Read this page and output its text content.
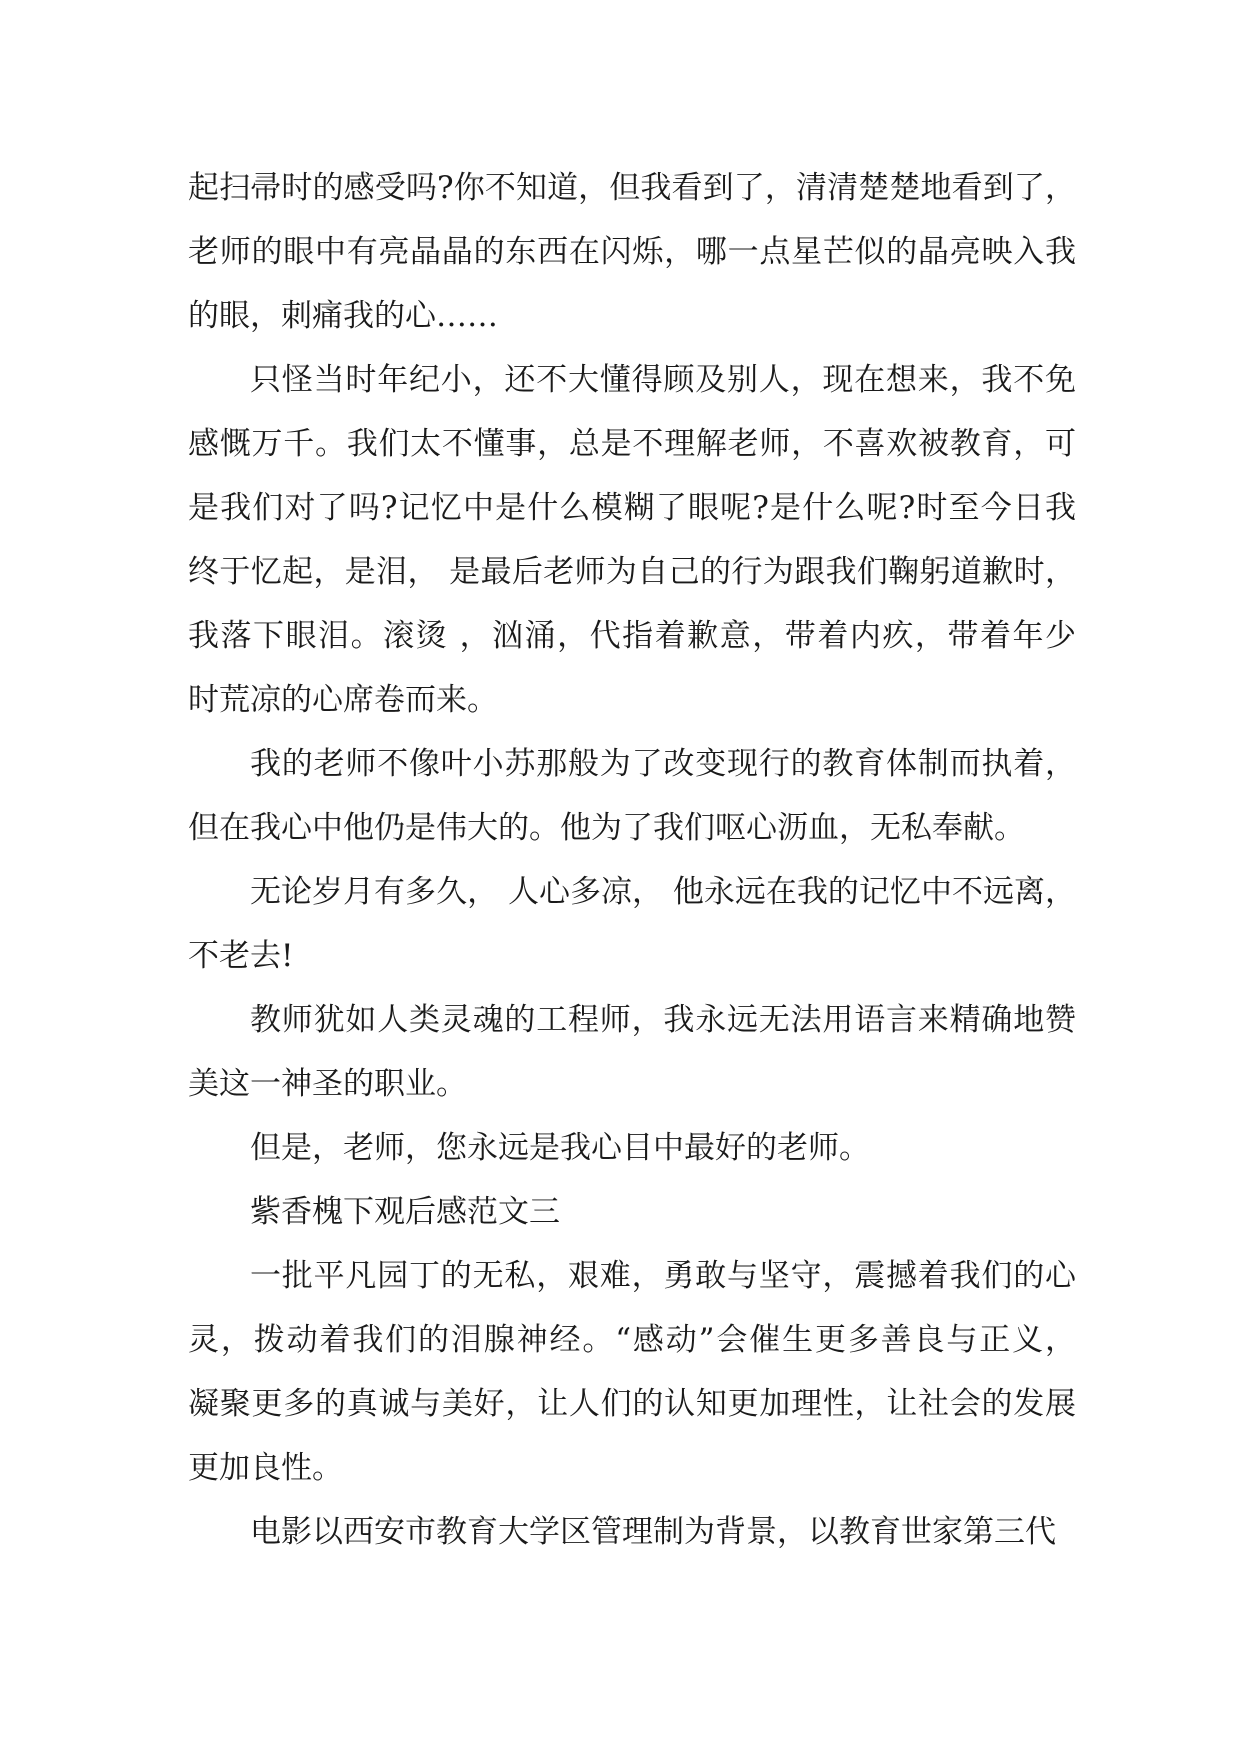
起扫帚时的感受吗?你不知道，但我看到了，清清楚楚地看到了，
老师的眼中有亮晶晶的东西在闪烁，哪一点星芒似的晶亮映入我
的眼，刺痛我的心……
只怪当时年纪小，还不大懂得顾及别人，现在想来，我不免
感慨万千。我们太不懂事，总是不理解老师，不喜欢被教育，可
是我们对了吗?记忆中是什么模糊了眼呢?是什么呢?时至今日我
终于忆起，是泪， 是最后老师为自己的行为跟我们鞠躬道歉时，
我落下眼泪。滚烫 ，汹涌，代指着歉意，带着内疚，带着年少
时荒凉的心席卷而来。
我的老师不像叶小苏那般为了改变现行的教育体制而执着，
但在我心中他仍是伟大的。他为了我们呕心沥血，无私奉献。
无论岁月有多久， 人心多凉， 他永远在我的记忆中不远离，
不老去!
教师犹如人类灵魂的工程师，我永远无法用语言来精确地赞
美这一神圣的职业。
但是，老师，您永远是我心目中最好的老师。
紫香槐下观后感范文三
一批平凡园丁的无私，艰难，勇敢与坚守，震撼着我们的心
灵，拨动着我们的泪腺神经。“感动”会催生更多善良与正义，
凝聚更多的真诚与美好，让人们的认知更加理性，让社会的发展
更加良性。
电影以西安市教育大学区管理制为背景，以教育世家第三代
